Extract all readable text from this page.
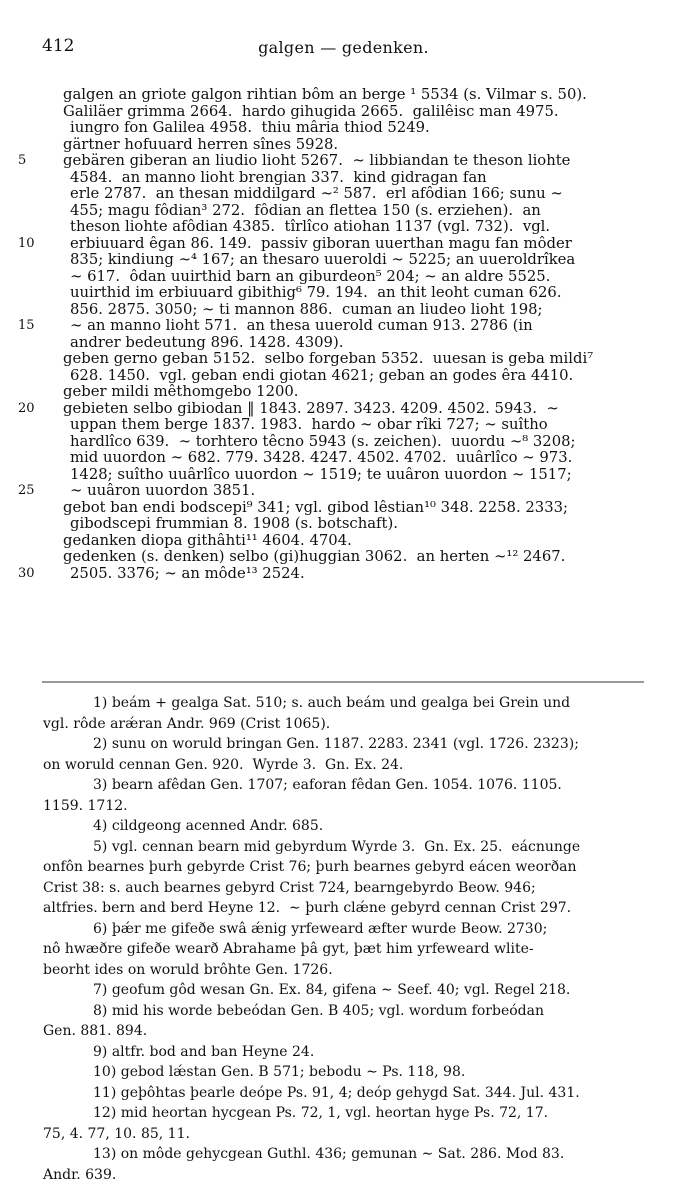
412	galgen — gedenken.
galgen an griote galgon rihtian bôm an berge ¹ 5534 (s. Vilmar s. 50).
Galiläer grimma 2664.  hardo gihugida 2665.  galilêisc man 4975.
iungro fon Galilea 4958.  thiu mâria thiod 5249.
gärtner hofuuard herren sînes 5928.
5	gebären giberan an liudio lioht 5267.  ∼ libbiandan te theson liohte
4584.  an manno lioht brengian 337.  kind gidragan fan
erle 2787.  an thesan middilgard ∼² 587.  erl afôdian 166; sunu ∼
455; magu fôdian³ 272.  fôdian an flettea 150 (s. erziehen).  an
theson liohte afôdian 4385.  tîrlîco atiohan 1137 (vgl. 732).  vgl.
10	erbiuuard êgan 86. 149.  passiv giboran uuerthan magu fan môder
835; kindiung ∼⁴ 167; an thesaro uueroldi ∼ 5225; an uueroldrîkea
∼ 617.  ôdan uuirthid barn an giburdeon⁵ 204; ∼ an aldre 5525.
uuirthid im erbiuuard gibithig⁶ 79. 194.  an thit leoht cuman 626.
856. 2875. 3050; ∼ ti mannon 886.  cuman an liudeo lioht 198;
15	∼ an manno lioht 571.  an thesa uuerold cuman 913. 2786 (in
andrer bedeutung 896. 1428. 4309).
geben gerno geban 5152.  selbo forgeban 5352.  uuesan is geba mildi⁷
628. 1450.  vgl. geban endi giotan 4621; geban an godes êra 4410.
geber mildi mêthomgebo 1200.
20	gebieten selbo gibiodan ‖ 1843. 2897. 3423. 4209. 4502. 5943.  ∼
uppan them berge 1837. 1983.  hardo ∼ obar rîki 727; ∼ suîtho
hardlîco 639.  ∼ torhtero têcno 5943 (s. zeichen).  uuordu ∼⁸ 3208;
mid uuordon ∼ 682. 779. 3428. 4247. 4502. 4702.  uuârlîco ∼ 973.
1428; suîtho uuârlîco uuordon ∼ 1519; te uuâron uuordon ∼ 1517;
25	∼ uuâron uuordon 3851.
gebot ban endi bodscepi⁹ 341; vgl. gibod lêstian¹⁰ 348. 2258. 2333;
gibodscepi frummian 8. 1908 (s. botschaft).
gedanken diopa githâhti¹¹ 4604. 4704.
gedenken (s. denken) selbo (gi)huggian 3062.  an herten ∼¹² 2467.
30	2505. 3376; ∼ an môde¹³ 2524.
1) beám + gealga Sat. 510; s. auch beám und gealga bei Grein und
vgl. rôde arǽran Andr. 969 (Crist 1065).
2) sunu on woruld bringan Gen. 1187. 2283. 2341 (vgl. 1726. 2323);
on woruld cennan Gen. 920.  Wyrde 3.  Gn. Ex. 24.
3) bearn afêdan Gen. 1707; eaforan fêdan Gen. 1054. 1076. 1105.
1159. 1712.
4) cildgeong acenned Andr. 685.
5) vgl. cennan bearn mid gebyrdum Wyrde 3.  Gn. Ex. 25.  eácnunge
onfôn bearnes þurh gebyrde Crist 76; þurh bearnes gebyrd eácen weorðan
Crist 38: s. auch bearnes gebyrd Crist 724, bearngebyrdo Beow. 946;
altfries. bern and berd Heyne 12.  ∼ þurh clǽne gebyrd cennan Crist 297.
6) þǽr me gifeðe swâ ǽnig yrfeweard æfter wurde Beow. 2730;
nô hwæðre gifeðe wearð Abrahame þâ gyt, þæt him yrfeweard wlite-
beorht ides on woruld brôhte Gen. 1726.
7) geofum gôd wesan Gn. Ex. 84, gifena ∼ Seef. 40; vgl. Regel 218.
8) mid his worde bebeódan Gen. B 405; vgl. wordum forbeódan
Gen. 881. 894.
9) altfr. bod and ban Heyne 24.
10) gebod lǽstan Gen. B 571; bebodu ∼ Ps. 118, 98.
11) geþôhtas þearle deópe Ps. 91, 4; deóp gehygd Sat. 344. Jul. 431.
12) mid heortan hycgean Ps. 72, 1, vgl. heortan hyge Ps. 72, 17.
75, 4. 77, 10. 85, 11.
13) on môde gehycgean Guthl. 436; gemunan ∼ Sat. 286. Mod 83.
Andr. 639.
